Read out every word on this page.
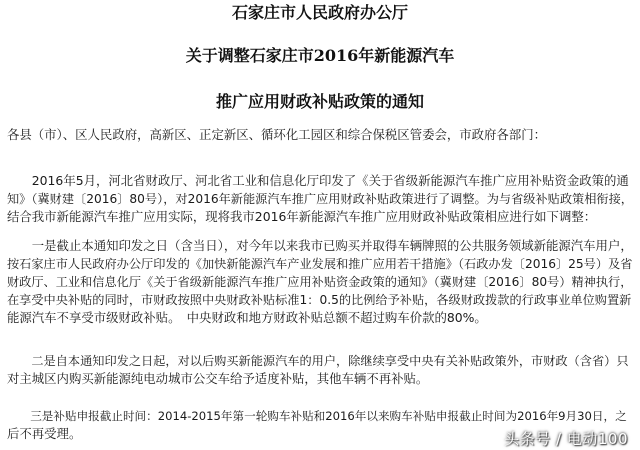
石家庄市人民政府办公厅
关于调整石家庄市2016年新能源汽车
推广应用财政补贴政策的通知
各县（市）、区人民政府，高新区、正定新区、循环化工园区和综合保税区管委会，市政府各部门：
　　2016年5月，河北省财政厅、河北省工业和信息化厅印发了《关于省级新能源汽车推广应用补贴资金政策的通
知》（冀财建〔2016〕80号），对2016年新能源汽车推广应用财政补贴政策进行了调整。为与省级补贴政策相衔接，
结合我市新能源汽车推广应用实际，现将我市2016年新能源汽车推广应用财政补贴政策相应进行如下调整：
　　一是截止本通知印发之日（含当日），对今年以来我市已购买并取得车辆牌照的公共服务领域新能源汽车用户，
按石家庄市人民政府办公厅印发的《加快新能源汽车产业发展和推广应用若干措施》（石政办发〔2016〕25号）及省
财政厅、工业和信息化厅《关于省级新能源汽车推广应用补贴资金政策的通知》（冀财建〔2016〕80号）精神执行，
在享受中央补贴的同时，市财政按照中央财政补贴标准1：0.5的比例给予补贴，各级财政拨款的行政事业单位购置新
能源汽车不享受市级财政补贴。　中央财政和地方财政补贴总额不超过购车价款的80%。
　　二是自本通知印发之日起，对以后购买新能源汽车的用户，除继续享受中央有关补贴政策外，市财政（含省）只
对主城区内购买新能源纯电动城市公交车给予适度补贴，其他车辆不再补贴。
　　三是补贴申报截止时间：2014-2015年第一轮购车补贴和2016年以来购车补贴申报截止时间为2016年9月30日，之
后不再受理。	头条号 / 电动100
